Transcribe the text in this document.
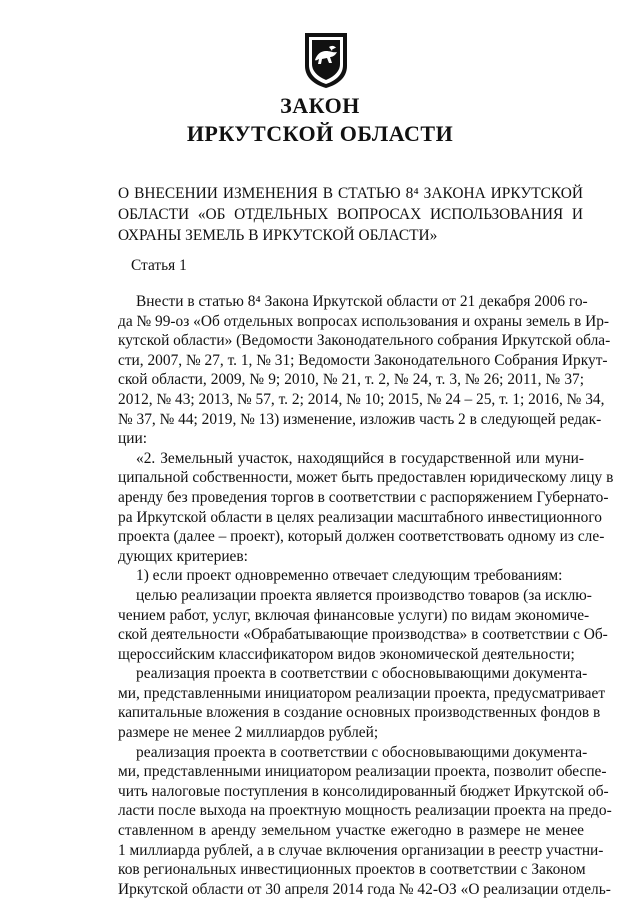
ЗАКОН
ИРКУТСКОЙ ОБЛАСТИ
О ВНЕСЕНИИ ИЗМЕНЕНИЯ В СТАТЬЮ 8⁴ ЗАКОНА ИРКУТСКОЙ
ОБЛАСТИ «ОБ ОТДЕЛЬНЫХ ВОПРОСАХ ИСПОЛЬЗОВАНИЯ И
ОХРАНЫ ЗЕМЕЛЬ В ИРКУТСКОЙ ОБЛАСТИ»
Статья 1
Внести в статью 8⁴ Закона Иркутской области от 21 декабря 2006 го-
да № 99-оз «Об отдельных вопросах использования и охраны земель в Ир-
кутской области» (Ведомости Законодательного собрания Иркутской обла-
сти, 2007, № 27, т. 1, № 31; Ведомости Законодательного Собрания Иркут-
ской области, 2009, № 9; 2010, № 21, т. 2, № 24, т. 3, № 26; 2011, № 37;
2012, № 43; 2013, № 57, т. 2; 2014, № 10; 2015, № 24 – 25, т. 1; 2016, № 34,
№ 37, № 44; 2019, № 13) изменение, изложив часть 2 в следующей редак-
ции:
«2. Земельный участок, находящийся в государственной или муни-
ципальной собственности, может быть предоставлен юридическому лицу в
аренду без проведения торгов в соответствии с распоряжением Губернато-
ра Иркутской области в целях реализации масштабного инвестиционного
проекта (далее – проект), который должен соответствовать одному из сле-
дующих критериев:
1) если проект одновременно отвечает следующим требованиям:
целью реализации проекта является производство товаров (за исклю-
чением работ, услуг, включая финансовые услуги) по видам экономиче-
ской деятельности «Обрабатывающие производства» в соответствии с Об-
щероссийским классификатором видов экономической деятельности;
реализация проекта в соответствии с обосновывающими документа-
ми, представленными инициатором реализации проекта, предусматривает
капитальные вложения в создание основных производственных фондов в
размере не менее 2 миллиардов рублей;
реализация проекта в соответствии с обосновывающими документа-
ми, представленными инициатором реализации проекта, позволит обеспе-
чить налоговые поступления в консолидированный бюджет Иркутской об-
ласти после выхода на проектную мощность реализации проекта на предо-
ставленном в аренду земельном участке ежегодно в размере не менее
1 миллиарда рублей, а в случае включения организации в реестр участни-
ков региональных инвестиционных проектов в соответствии с Законом
Иркутской области от 30 апреля 2014 года № 42-ОЗ «О реализации отдель-
